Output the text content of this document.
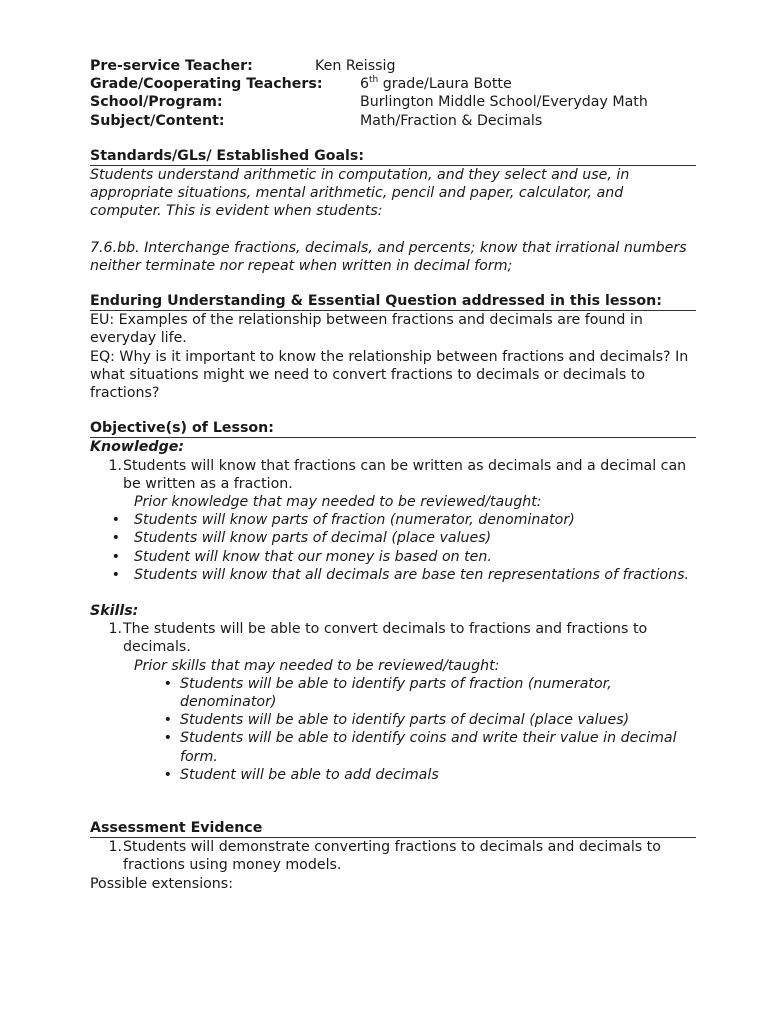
Pre-service Teacher:	Ken Reissig
Grade/Cooperating Teachers:	6th grade/Laura Botte
School/Program:	Burlington Middle School/Everyday Math
Subject/Content:	Math/Fraction & Decimals
Standards/GLs/ Established Goals:

Students understand arithmetic in computation, and they select and use, in appropriate situations, mental arithmetic, pencil and paper, calculator, and computer. This is evident when students:

7.6.bb. Interchange fractions, decimals, and percents; know that irrational numbers neither terminate nor repeat when written in decimal form;

Enduring Understanding & Essential Question addressed in this lesson:

EU: Examples of the relationship between fractions and decimals are found in everyday life.

EQ: Why is it important to know the relationship between fractions and decimals? In what situations might we need to convert fractions to decimals or decimals to fractions?

Objective(s) of Lesson:
Knowledge:
1. Students will know that fractions can be written as decimals and a decimal can be written as a fraction.
Prior knowledge that may needed to be reviewed/taught:
• Students will know parts of fraction (numerator, denominator)
• Students will know parts of decimal (place values)
• Student will know that our money is based on ten.
• Students will know that all decimals are base ten representations of fractions.
Skills:
1. The students will be able to convert decimals to fractions and fractions to decimals.
Prior skills that may needed to be reviewed/taught:
• Students will be able to identify parts of fraction (numerator, denominator)
• Students will be able to identify parts of decimal (place values)
• Students will be able to identify coins and write their value in decimal form.
• Student will be able to add decimals
Assessment Evidence
1. Students will demonstrate converting fractions to decimals and decimals to fractions using money models.
Possible extensions:
